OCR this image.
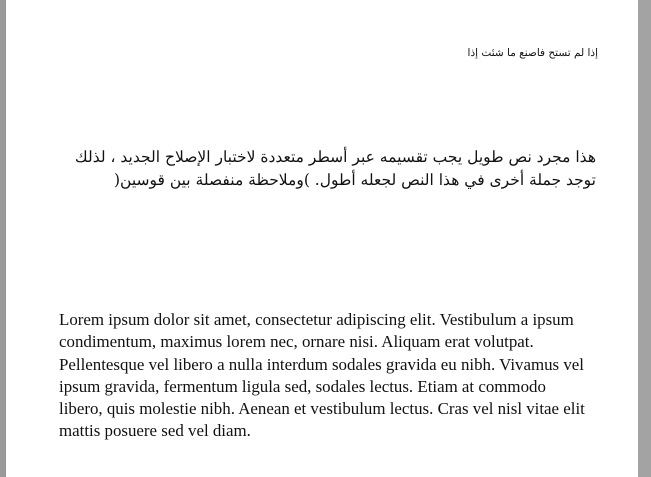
إذا لم تستح فاصنع ما شئت إذا
هذا مجرد نص طويل يجب تقسيمه عبر أسطر متعددة لاختبار الإصلاح الجديد ، لذلك توجد جملة أخرى في هذا النص لجعله أطول. )وملاحظة منفصلة بين قوسين(
Lorem ipsum dolor sit amet, consectetur adipiscing elit. Vestibulum a ipsum condimentum, maximus lorem nec, ornare nisi. Aliquam erat volutpat. Pellentesque vel libero a nulla interdum sodales gravida eu nibh. Vivamus vel ipsum gravida, fermentum ligula sed, sodales lectus. Etiam at commodo libero, quis molestie nibh. Aenean et vestibulum lectus. Cras vel nisl vitae elit mattis posuere sed vel diam.
